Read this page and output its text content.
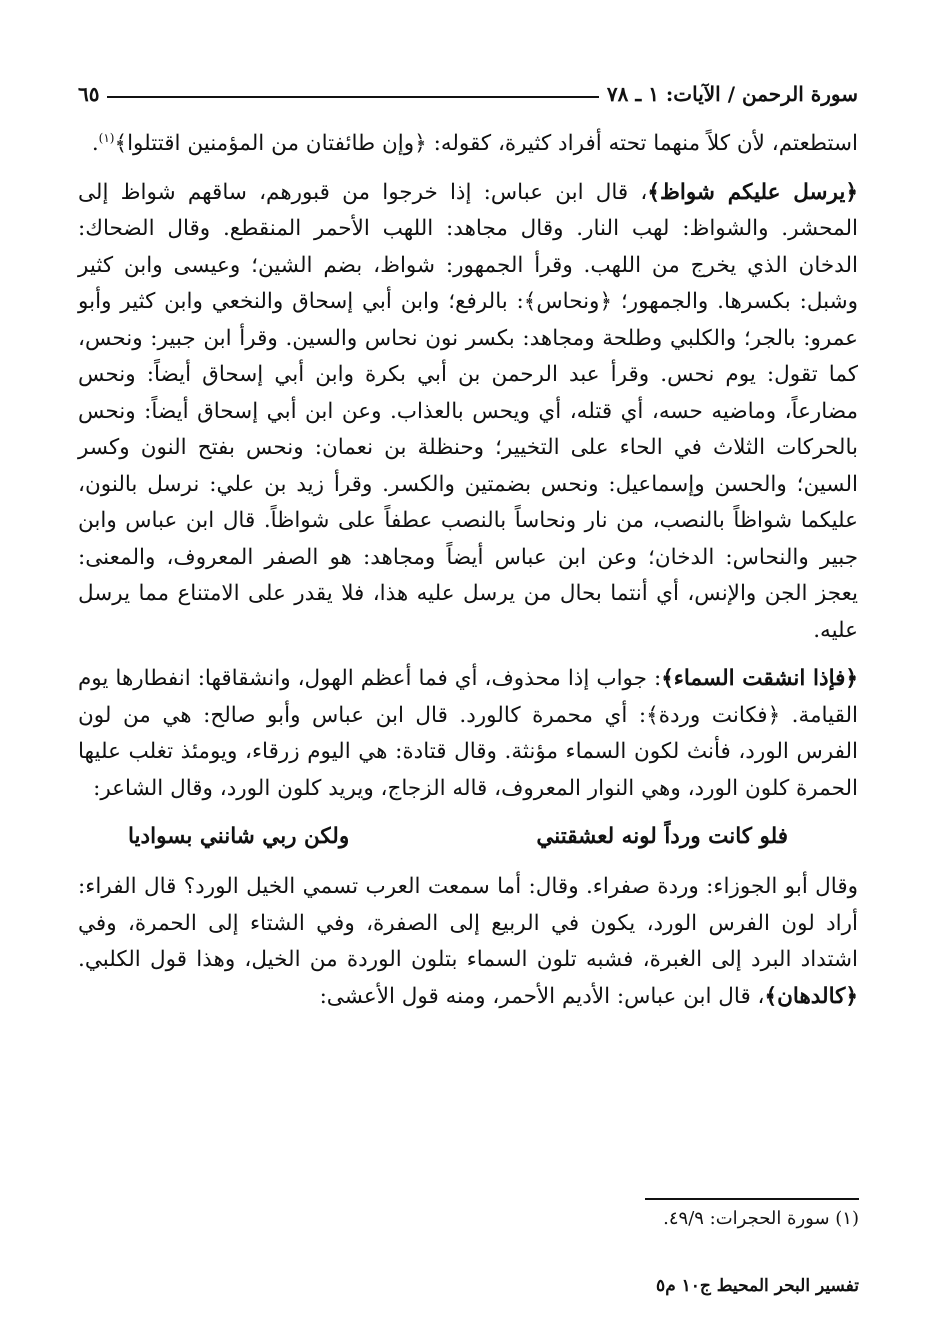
سورة الرحمن / الآيات: ١ ـ ٧٨
٦٥

استطعتم، لأن كلاً منهما تحته أفراد كثيرة، كقوله: ﴿وإن طائفتان من المؤمنين اقتتلوا﴾$^{(١)}$.

﴿يرسل عليكم شواظ﴾، قال ابن عباس: إذا خرجوا من قبورهم، ساقهم شواظ إلى المحشر. والشواظ: لهب النار. وقال مجاهد: اللهب الأحمر المنقطع. وقال الضحاك: الدخان الذي يخرج من اللهب. وقرأ الجمهور: شواظ، بضم الشين؛ وعيسى وابن كثير وشبل: بكسرها. والجمهور؛ ﴿ونحاس﴾: بالرفع؛ وابن أبي إسحاق والنخعي وابن كثير وأبو عمرو: بالجر؛ والكلبي وطلحة ومجاهد: بكسر نون نحاس والسين. وقرأ ابن جبير: ونحس، كما تقول: يوم نحس. وقرأ عبد الرحمن بن أبي بكرة وابن أبي إسحاق أيضاً: ونحس مضارعاً، وماضيه حسه، أي قتله، أي ويحس بالعذاب. وعن ابن أبي إسحاق أيضاً: ونحس بالحركات الثلاث في الحاء على التخيير؛ وحنظلة بن نعمان: ونحس بفتح النون وكسر السين؛ والحسن وإسماعيل: ونحس بضمتين والكسر. وقرأ زيد بن علي: نرسل بالنون، عليكما شواظاً بالنصب، من نار ونحاساً بالنصب عطفاً على شواظاً. قال ابن عباس وابن جبير والنحاس: الدخان؛ وعن ابن عباس أيضاً ومجاهد: هو الصفر المعروف، والمعنى: يعجز الجن والإنس، أي أنتما بحال من يرسل عليه هذا، فلا يقدر على الامتناع مما يرسل عليه.

﴿فإذا انشقت السماء﴾: جواب إذا محذوف، أي فما أعظم الهول، وانشقاقها: انفطارها يوم القيامة. ﴿فكانت وردة﴾: أي محمرة كالورد. قال ابن عباس وأبو صالح: هي من لون الفرس الورد، فأنث لكون السماء مؤنثة. وقال قتادة: هي اليوم زرقاء، ويومئذ تغلب عليها الحمرة كلون الورد، وهي النوار المعروف، قاله الزجاج، ويريد كلون الورد، وقال الشاعر:

فلو كانت ورداً لونه لعشقتني
ولكن ربي شانني بسواديا

وقال أبو الجوزاء: وردة صفراء. وقال: أما سمعت العرب تسمي الخيل الورد؟ قال الفراء: أراد لون الفرس الورد، يكون في الربيع إلى الصفرة، وفي الشتاء إلى الحمرة، وفي اشتداد البرد إلى الغبرة، فشبه تلون السماء بتلون الوردة من الخيل، وهذا قول الكلبي. ﴿كالدهان﴾، قال ابن عباس: الأديم الأحمر، ومنه قول الأعشى:

(١) سورة الحجرات: ٤٩/٩.
تفسير البحر المحيط ج١٠ م٥
